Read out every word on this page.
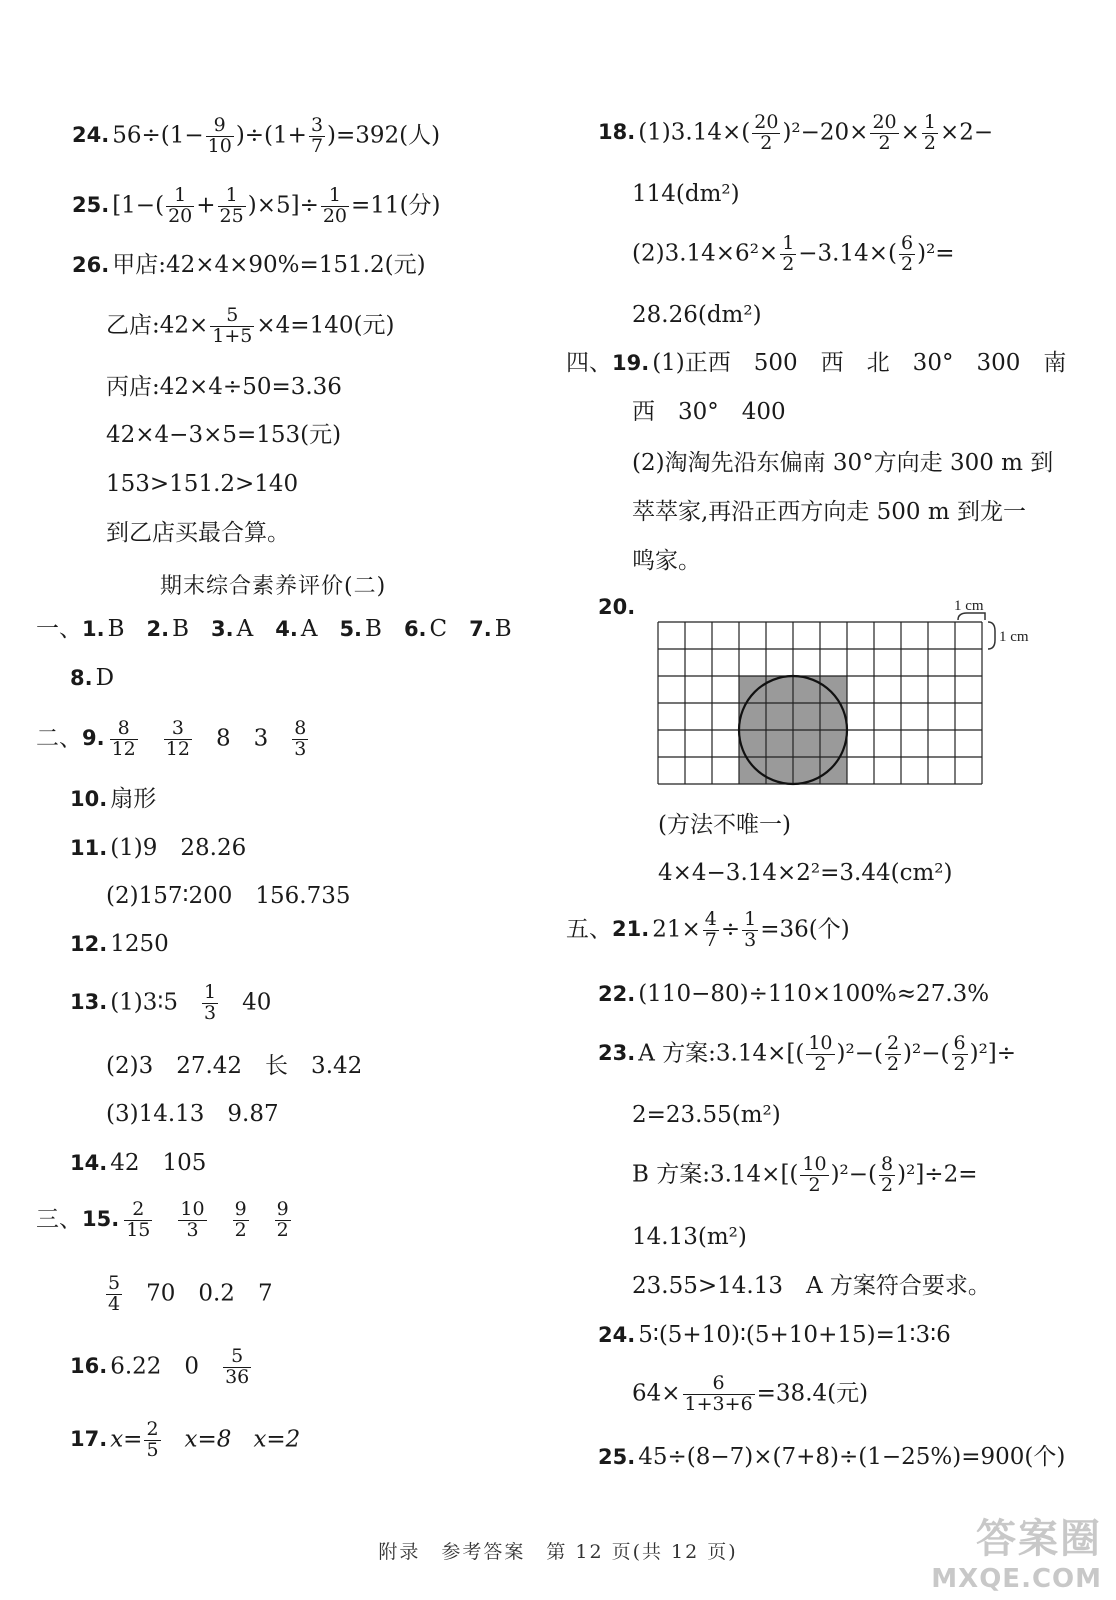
24. $56\div(1- \frac{9}{10} )\div(1+ \frac{3}{7} )=392$(人)
25. $[1-( \frac{1}{20} + \frac{1}{25} )\times 5]\div \frac{1}{20} =11$(分)
26. 甲店:42×4×90%=151.2(元)
乙店:42× $\frac{5}{1+5} \times 4=140$(元)
丙店:42×4÷50=3.36
42×4−3×5=153(元)
153>151.2>140
到乙店买最合算。
期末综合素养评价(二)
一、1. B 2. B 3. A 4. A 5. B 6. C 7. B
8. D
二、9. $\frac{8}{12} \frac{3}{12} 8$　$3 \frac{8}{3}$
10. 扇形
11. (1)9　28.26
(2)157∶200　156.735
12. 1250
13. (1)3∶5 $\frac{1}{3} 40$
(2)3　27.42　长　3.42
(3)14.13　9.87
14. 42　105
三、15. $\frac{2}{15} \frac{10}{3} \frac{9}{2} \frac{9}{2}$
$\frac{5}{4} 70$　0.2　7
16. 6.22　$0 \frac{5}{36}$
17. $x= \frac{2}{5} x=8$ x=2
18. $(1)3.14\times( \frac{20}{2} )^2-20\times \frac{20}{2} \times \frac{1}{2} \times 2-$
114(dm²)
$(2)3.14\times 6^2\times \frac{1}{2} -3.14\times( \frac{6}{2} )^2=$
28.26(dm²)
四、19. (1)正西　500　西　北　30°　300　南
西　30°　400
(2)淘淘先沿东偏南 30°方向走 300 m 到
萃萃家,再沿正西方向走 500 m 到龙一
鸣家。
20.	1 cm
1 cm
(方法不唯一)
4×4−3.14×2²=3.44(cm²)
五、21. $21\times \frac{4}{7} \div \frac{1}{3} =36$(个)
22. (110−80)÷110×100%≈27.3%
23. A 方案:3.14×[( $\frac{10}{2} )^2-( \frac{2}{2} )^2-( \frac{6}{2} )^2]\div$
2=23.55(m²)
B 方案:3.14×[( $\frac{10}{2} )^2-( \frac{8}{2} )^2]\div 2=$
14.13(m²)
23.55>14.13　A 方案符合要求。
24. 5∶(5+10)∶(5+10+15)=1∶3∶6
$64\times \frac{6}{1+3+6} =38.4$(元)
25. 45÷(8−7)×(7+8)÷(1−25%)=900(个)
附录　参考答案　第 12 页(共 12 页)	答案圈
MXQE.COM
